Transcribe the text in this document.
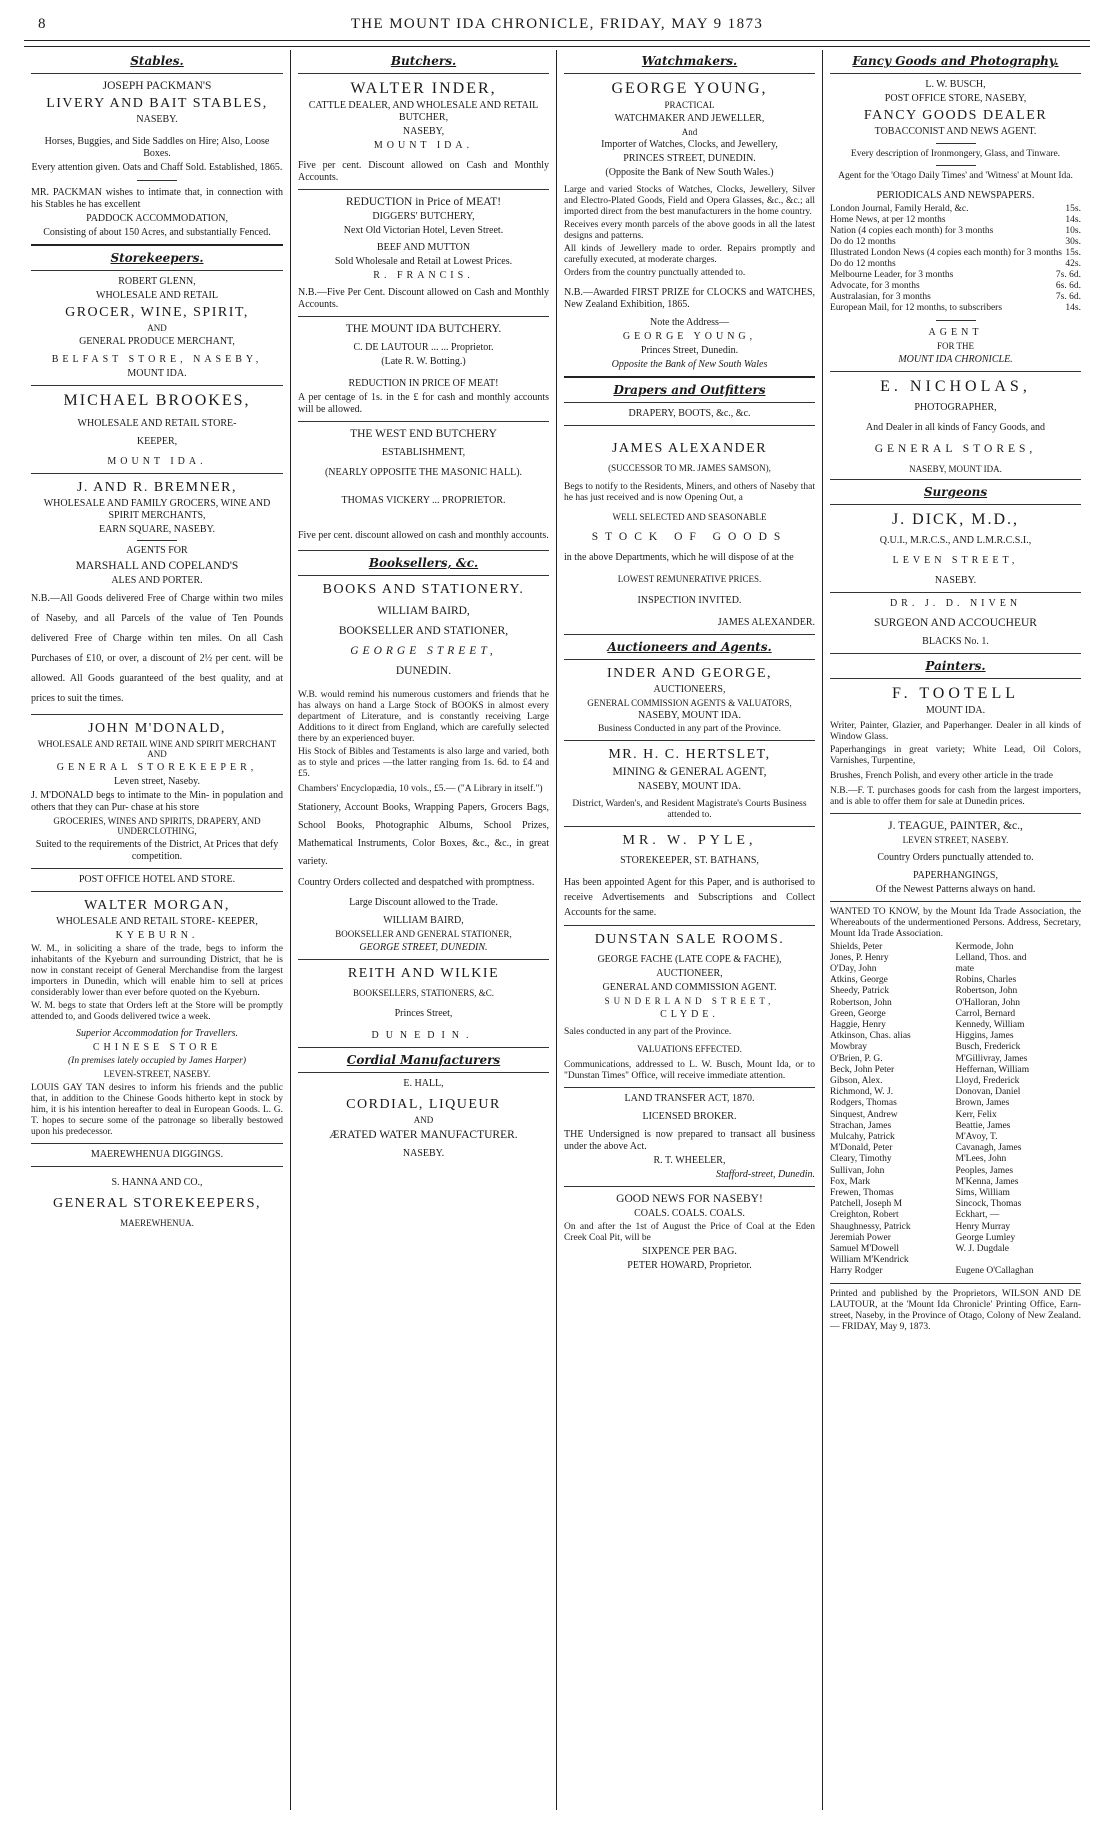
8	THE MOUNT IDA CHRONICLE, FRIDAY, MAY 9 1873
Stables.

JOSEPH PACKMAN'S

LIVERY AND BAIT STABLES,

NASEBY.

Horses, Buggies, and Side Saddles on Hire; Also, Loose Boxes.

Every attention given. Oats and Chaff Sold. Established, 1865.

MR. PACKMAN wishes to intimate that, in connection with his Stables he has excellent

PADDOCK ACCOMMODATION,

Consisting of about 150 Acres, and substantially Fenced.

Storekeepers.

ROBERT GLENN,

WHOLESALE AND RETAIL

GROCER, WINE, SPIRIT,

AND

GENERAL PRODUCE MERCHANT,

BELFAST STORE, NASEBY,

MOUNT IDA.

MICHAEL BROOKES,

WHOLESALE AND RETAIL STORE-

KEEPER,

MOUNT IDA.

J. AND R. BREMNER,

WHOLESALE AND FAMILY GROCERS, WINE AND SPIRIT MERCHANTS,

EARN SQUARE, NASEBY.

AGENTS FOR

MARSHALL AND COPELAND'S

ALES AND PORTER.

N.B.—All Goods delivered Free of Charge within two miles of Naseby, and all Parcels of the value of Ten Pounds delivered Free of Charge within ten miles. On all Cash Purchases of £10, or over, a discount of 2½ per cent. will be allowed. All Goods guaranteed of the best quality, and at prices to suit the times.

JOHN M'DONALD,

WHOLESALE AND RETAIL WINE AND SPIRIT MERCHANT AND

GENERAL STOREKEEPER,

Leven street, Naseby.

J. M'DONALD begs to intimate to the Min- in population and others that they can Pur- chase at his store

GROCERIES, WINES AND SPIRITS, DRAPERY, AND UNDERCLOTHING,

Suited to the requirements of the District, At Prices that defy competition.

POST OFFICE HOTEL AND STORE.

WALTER MORGAN,

WHOLESALE AND RETAIL STORE- KEEPER,

KYEBURN.

W. M., in soliciting a share of the trade, begs to inform the inhabitants of the Kyeburn and surrounding District, that he is now in constant receipt of General Merchandise from the largest importers in Dunedin, which will enable him to sell at prices considerably lower than ever before quoted on the Kyeburn.

W. M. begs to state that Orders left at the Store will be promptly attended to, and Goods delivered twice a week.

Superior Accommodation for Travellers.

CHINESE STORE

(In premises lately occupied by James Harper)

LEVEN-STREET, NASEBY.

LOUIS GAY TAN desires to inform his friends and the public that, in addition to the Chinese Goods hitherto kept in stock by him, it is his intention hereafter to deal in European Goods. L. G. T. hopes to secure some of the patronage so liberally bestowed upon his predecessor.

MAEREWHENUA DIGGINGS.

S. HANNA AND CO.,

GENERAL STOREKEEPERS,

MAEREWHENUA.

Butchers.

WALTER INDER,

CATTLE DEALER, AND WHOLESALE AND RETAIL BUTCHER,

NASEBY,

MOUNT IDA.

Five per cent. Discount allowed on Cash and Monthly Accounts.

REDUCTION in Price of MEAT!

DIGGERS' BUTCHERY,

Next Old Victorian Hotel, Leven Street.

BEEF AND MUTTON

Sold Wholesale and Retail at Lowest Prices.

R. FRANCIS.

N.B.—Five Per Cent. Discount allowed on Cash and Monthly Accounts.

THE MOUNT IDA BUTCHERY.

C. DE LAUTOUR ... ... Proprietor.

(Late R. W. Botting.)

REDUCTION IN PRICE OF MEAT!

A per centage of 1s. in the £ for cash and monthly accounts will be allowed.

THE WEST END BUTCHERY

ESTABLISHMENT,

(NEARLY OPPOSITE THE MASONIC HALL).

THOMAS VICKERY ... PROPRIETOR.

Five per cent. discount allowed on cash and monthly accounts.

Booksellers, &c.

BOOKS AND STATIONERY.

WILLIAM BAIRD,

BOOKSELLER AND STATIONER,

GEORGE STREET,

DUNEDIN.

W.B. would remind his numerous customers and friends that he has always on hand a Large Stock of BOOKS in almost every department of Literature, and is constantly receiving Large Additions to it direct from England, which are carefully selected there by an experienced buyer.

His Stock of Bibles and Testaments is also large and varied, both as to style and prices —the latter ranging from 1s. 6d. to £4 and £5.

Chambers' Encyclopædia, 10 vols., £5.— ("A Library in itself.")

Stationery, Account Books, Wrapping Papers, Grocers Bags, School Books, Photographic Albums, School Prizes, Mathematical Instruments, Color Boxes, &c., &c., in great variety.

Country Orders collected and despatched with promptness.

Large Discount allowed to the Trade.

WILLIAM BAIRD,

BOOKSELLER AND GENERAL STATIONER,

GEORGE STREET, DUNEDIN.

REITH AND WILKIE

BOOKSELLERS, STATIONERS, &C.

Princes Street,

DUNEDIN.

Cordial Manufacturers

E. HALL,

CORDIAL, LIQUEUR

AND

ÆRATED WATER MANUFACTURER.

NASEBY.

Watchmakers.

GEORGE YOUNG,

PRACTICAL

WATCHMAKER AND JEWELLER,

And

Importer of Watches, Clocks, and Jewellery,

PRINCES STREET, DUNEDIN.

(Opposite the Bank of New South Wales.)

Large and varied Stocks of Watches, Clocks, Jewellery, Silver and Electro-Plated Goods, Field and Opera Glasses, &c., &c.; all imported direct from the best manufacturers in the home country.

Receives every month parcels of the above goods in all the latest designs and patterns.

All kinds of Jewellery made to order. Repairs promptly and carefully executed, at moderate charges.

Orders from the country punctually attended to.

N.B.—Awarded FIRST PRIZE for CLOCKS and WATCHES, New Zealand Exhibition, 1865.

Note the Address—

GEORGE YOUNG,

Princes Street, Dunedin.

Opposite the Bank of New South Wales

Drapers and Outfitters

DRAPERY, BOOTS, &c., &c.

JAMES ALEXANDER

(SUCCESSOR TO MR. JAMES SAMSON),

Begs to notify to the Residents, Miners, and others of Naseby that he has just received and is now Opening Out, a

WELL SELECTED AND SEASONABLE

STOCK OF GOODS

in the above Departments, which he will dispose of at the

LOWEST REMUNERATIVE PRICES.

INSPECTION INVITED.

JAMES ALEXANDER.

Auctioneers and Agents.

INDER AND GEORGE,

AUCTIONEERS,

GENERAL COMMISSION AGENTS & VALUATORS,

NASEBY, MOUNT IDA.

Business Conducted in any part of the Province.

MR. H. C. HERTSLET,

MINING & GENERAL AGENT,

NASEBY, MOUNT IDA.

District, Warden's, and Resident Magistrate's Courts Business attended to.

MR. W. PYLE,

STOREKEEPER, ST. BATHANS,

Has been appointed Agent for this Paper, and is authorised to receive Advertisements and Subscriptions and Collect Accounts for the same.

DUNSTAN SALE ROOMS.

GEORGE FACHE (LATE COPE & FACHE),

AUCTIONEER,

GENERAL AND COMMISSION AGENT.

SUNDERLAND STREET,

CLYDE.

Sales conducted in any part of the Province.

VALUATIONS EFFECTED.

Communications, addressed to L. W. Busch, Mount Ida, or to "Dunstan Times" Office, will receive immediate attention.

LAND TRANSFER ACT, 1870.

LICENSED BROKER.

THE Undersigned is now prepared to transact all business under the above Act.

R. T. WHEELER,

Stafford-street, Dunedin.

GOOD NEWS FOR NASEBY!

COALS. COALS. COALS.

On and after the 1st of August the Price of Coal at the Eden Creek Coal Pit, will be

SIXPENCE PER BAG.

PETER HOWARD, Proprietor.

Fancy Goods and Photography.

L. W. BUSCH,

POST OFFICE STORE, NASEBY,

FANCY GOODS DEALER

TOBACCONIST AND NEWS AGENT.

Every description of Ironmongery, Glass, and Tinware.

Agent for the 'Otago Daily Times' and 'Witness' at Mount Ida.

PERIODICALS AND NEWSPAPERS.

London Journal, Family Herald, &c.	15s.
Home News, at per 12 months	14s.
Nation (4 copies each month) for 3 months	10s.
Do do 12 months	30s.
Illustrated London News (4 copies each month) for 3 months 15s.
Do do 12 months	42s.
Melbourne Leader, for 3 months	7s. 6d.
Advocate, for 3 months	6s. 6d.
Australasian, for 3 months	7s. 6d.
European Mail, for 12 months, to subscribers	14s.

AGENT

FOR THE

MOUNT IDA CHRONICLE.

E. NICHOLAS,

PHOTOGRAPHER,

And Dealer in all kinds of Fancy Goods, and

GENERAL STORES,

NASEBY, MOUNT IDA.

Surgeons

J. DICK, M.D.,

Q.U.I., M.R.C.S., AND L.M.R.C.S.I.,

LEVEN STREET,

NASEBY.

DR. J. D. NIVEN

SURGEON AND ACCOUCHEUR

BLACKS No. 1.

Painters.

F. TOOTELL

MOUNT IDA.

Writer, Painter, Glazier, and Paperhanger. Dealer in all kinds of Window Glass.

Paperhangings in great variety; White Lead, Oil Colors, Varnishes, Turpentine,

Brushes, French Polish, and every other article in the trade

N.B.—F. T. purchases goods for cash from the largest importers, and is able to offer them for sale at Dunedin prices.

J. TEAGUE, PAINTER, &c.,

LEVEN STREET, NASEBY.

Country Orders punctually attended to.

PAPERHANGINGS,

Of the Newest Patterns always on hand.

WANTED TO KNOW, by the Mount Ida Trade Association, the Whereabouts of the undermentioned Persons. Address, Secretary, Mount Ida Trade Association.

Shields, Peter

Jones, P. Henry

O'Day, John

Atkins, George

Sheedy, Patrick

Robertson, John

Green, George

Haggie, Henry

Atkinson, Chas. alias

Mowbray

O'Brien, P. G.

Beck, John Peter

Gibson, Alex.

Richmond, W. J.

Rodgers, Thomas

Sinquest, Andrew

Strachan, James

Mulcahy, Patrick

M'Donald, Peter

Cleary, Timothy

Sullivan, John

Fox, Mark

Frewen, Thomas

Patchell, Joseph M

Creighton, Robert

Shaughnessy, Patrick

Jeremiah Power

Samuel M'Dowell

William M'Kendrick

Harry Rodger

Kermode, John

Lelland, Thos. and

mate

Robins, Charles

Robertson, John

O'Halloran, John

Carrol, Bernard

Kennedy, William

Higgins, James

Busch, Frederick

M'Gillivray, James

Heffernan, William

Lloyd, Frederick

Donovan, Daniel

Brown, James

Kerr, Felix

Beattie, James

M'Avoy, T.

Cavanagh, James

M'Lees, John

Peoples, James

M'Kenna, James

Sims, William

Sincock, Thomas

Eckhart, —

Henry Murray

George Lumley

W. J. Dugdale

Eugene O'Callaghan

Printed and published by the Proprietors, WILSON AND DE LAUTOUR, at the 'Mount Ida Chronicle' Printing Office, Earn-street, Naseby, in the Province of Otago, Colony of New Zealand. — FRIDAY, May 9, 1873.
